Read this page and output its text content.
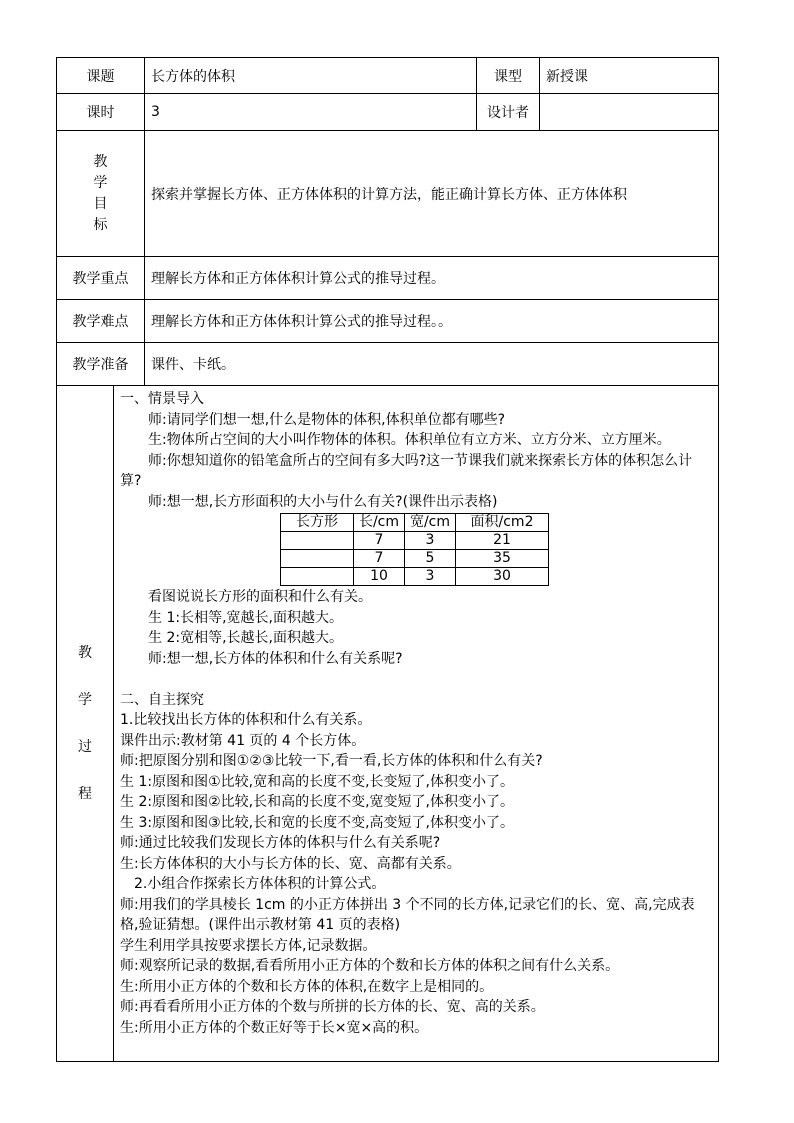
课题	长方体的体积	课型	新授课
课时	3	设计者	

教
学
目
标
	探索并掌握长方体、正方体体积的计算方法，能正确计算长方体、正方体体积
教学重点	理解长方体和正方体体积计算公式的推导过程。
教学难点	理解长方体和正方体体积计算公式的推导过程。。
教学准备	课件、卡纸。

教
学
过
程

一、情景导入

师:请同学们想一想,什么是物体的体积,体积单位都有哪些?

生:物体所占空间的大小叫作物体的体积。体积单位有立方米、立方分米、立方厘米。

师:你想知道你的铅笔盒所占的空间有多大吗?这一节课我们就来探索长方体的体积怎么计算?

师:想一想,长方形面积的大小与什么有关?(课件出示表格)

长方形	长/cm	宽/cm	面积/cm2
	7	3	21
	7	5	35
	10	3	30

看图说说长方形的面积和什么有关。

生 1:长相等,宽越长,面积越大。

生 2:宽相等,长越长,面积越大。

师:想一想,长方体的体积和什么有关系呢?

二、自主探究

1.比较找出长方体的体积和什么有关系。

课件出示:教材第 41 页的 4 个长方体。

师:把原图分别和图①②③比较一下,看一看,长方体的体积和什么有关?

生 1:原图和图①比较,宽和高的长度不变,长变短了,体积变小了。

生 2:原图和图②比较,长和高的长度不变,宽变短了,体积变小了。

生 3:原图和图③比较,长和宽的长度不变,高变短了,体积变小了。

师:通过比较我们发现长方体的体积与什么有关系呢?

生:长方体体积的大小与长方体的长、宽、高都有关系。

2.小组合作探索长方体体积的计算公式。

师:用我们的学具棱长 1cm 的小正方体拼出 3 个不同的长方体,记录它们的长、宽、高,完成表格,验证猜想。(课件出示教材第 41 页的表格)

学生利用学具按要求摆长方体,记录数据。

师:观察所记录的数据,看看所用小正方体的个数和长方体的体积之间有什么关系。

生:所用小正方体的个数和长方体的体积,在数字上是相同的。

师:再看看所用小正方体的个数与所拼的长方体的长、宽、高的关系。

生:所用小正方体的个数正好等于长×宽×高的积。
